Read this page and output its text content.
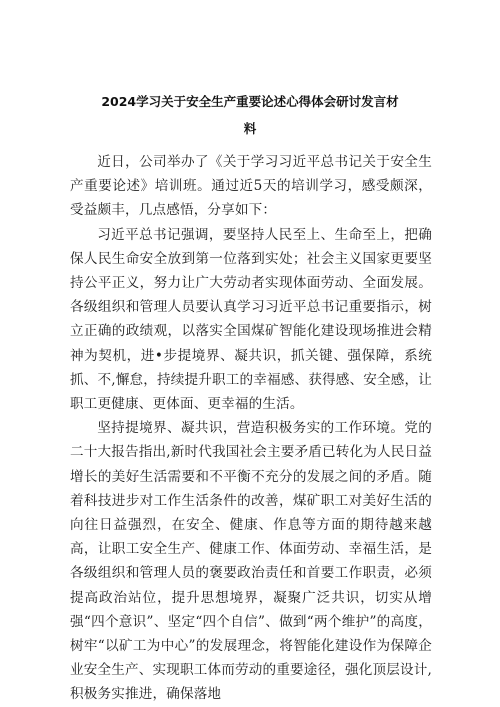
2024学习关于安全生产重要论述心得体会研讨发言材
料

近日，公司举办了《关于学习习近平总书记关于安全生产重要论述》培训班。通过近5天的培训学习，感受颇深，受益颇丰，几点感悟，分享如下：

习近平总书记强调，要坚持人民至上、生命至上，把确保人民生命安全放到第一位落到实处；社会主义国家更要坚持公平正义，努力让广大劳动者实现体面劳动、全面发展。各级组织和管理人员要认真学习习近平总书记重要指示，树立正确的政绩观，以落实全国煤矿智能化建设现场推进会精神为契机，进•步提境界、凝共识，抓关键、强保障，系统抓、不,懈怠，持续提升职工的幸福感、获得感、安全感，让职工更健康、更体面、更幸福的生活。

坚持提境界、凝共识，营造积极务实的工作环境。党的二十大报告指出,新时代我国社会主要矛盾已转化为人民日益增长的美好生活需要和不平衡不充分的发展之间的矛盾。随着科技进步对工作生活条件的改善，煤矿职工对美好生活的向往日益强烈，在安全、健康、作息等方面的期待越来越高，让职工安全生产、健康工作、体面劳动、幸福生活，是各级组织和管理人员的褒要政治责任和首要工作职责，必须提高政治站位，提升思想境界，凝聚广泛共识，切实从增强“四个意识”、坚定“四个自信”、做到“两个维护”的高度，树牢“以矿工为中心”的发展理念，将智能化建设作为保障企业安全生产、实现职工体而劳动的重要途径，强化顶层设计,积极务实推进，确保落地
